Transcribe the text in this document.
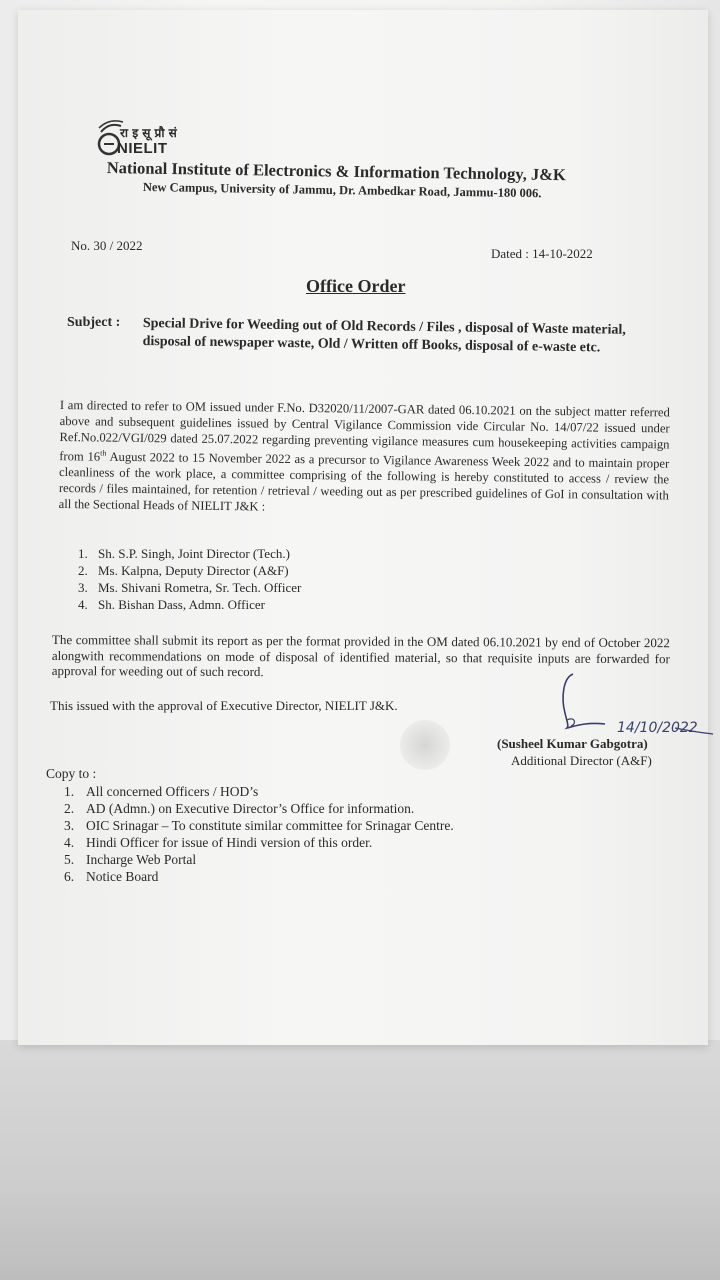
रा इ सू प्रौ सं
NIELIT
National Institute of Electronics & Information Technology, J&K
New Campus, University of Jammu, Dr. Ambedkar Road, Jammu-180 006.
No. 30 / 2022
Dated : 14-10-2022
Office Order
Subject : Special Drive for Weeding out of Old Records / Files , disposal of Waste material, disposal of newspaper waste, Old / Written off Books, disposal of e-waste etc.
I am directed to refer to OM issued under F.No. D32020/11/2007-GAR dated 06.10.2021 on the subject matter referred above and subsequent guidelines issued by Central Vigilance Commission vide Circular No. 14/07/22 issued under Ref.No.022/VGI/029 dated 25.07.2022 regarding preventing vigilance measures cum housekeeping activities campaign from 16th August 2022 to 15 November 2022 as a precursor to Vigilance Awareness Week 2022 and to maintain proper cleanliness of the work place, a committee comprising of the following is hereby constituted to access / review the records / files maintained, for retention / retrieval / weeding out as per prescribed guidelines of GoI in consultation with all the Sectional Heads of NIELIT J&K :
1. Sh. S.P. Singh, Joint Director (Tech.)
2. Ms. Kalpna, Deputy Director (A&F)
3. Ms. Shivani Rometra, Sr. Tech. Officer
4. Sh. Bishan Dass, Admn. Officer
The committee shall submit its report as per the format provided in the OM dated 06.10.2021 by end of October 2022 alongwith recommendations on mode of disposal of identified material, so that requisite inputs are forwarded for approval for weeding out of such record.
This issued with the approval of Executive Director, NIELIT J&K.
14/10/2022
(Susheel Kumar Gabgotra)
Additional Director (A&F)
Copy to :
1. All concerned Officers / HOD’s
2. AD (Admn.) on Executive Director’s Office for information.
3. OIC Srinagar – To constitute similar committee for Srinagar Centre.
4. Hindi Officer for issue of Hindi version of this order.
5. Incharge Web Portal
6. Notice Board
